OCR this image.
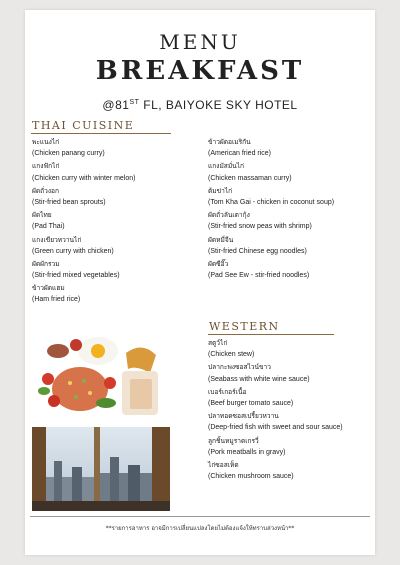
MENU
BREAKFAST
@81ST FL, BAIYOKE SKY HOTEL
THAI CUISINE
พะแนงไก่
(Chicken panang curry)
แกงฟักไก่
(Chicken curry with winter melon)
ผัดถั่วงอก
(Stir-fried bean sprouts)
ผัดไทย
(Pad Thai)
แกงเขียวหวานไก่
(Green curry with chicken)
ผัดผักรวม
(Stir-fried mixed vegetables)
ข้าวผัดแฮม
(Ham fried rice)
ข้าวผัดอเมริกัน
(American fried rice)
แกงมัสมั่นไก่
(Chicken massaman curry)
ต้มข่าไก่
(Tom Kha Gai - chicken in coconut soup)
ผัดถั่วลันเตากุ้ง
(Stir-fried snow peas with shrimp)
ผัดหมี่จีน
(Stir-fried Chinese egg noodles)
ผัดซีอิ๊ว
(Pad See Ew - stir-fried noodles)
WESTERN
สตูว์ไก่
(Chicken stew)
ปลากะพงซอสไวน์ขาว
(Seabass with white wine sauce)
เบอร์เกอร์เนื้อ
(Beef burger tomato sauce)
ปลาทอดซอสเปรี้ยวหวาน
(Deep-fried fish with sweet and sour sauce)
ลูกชิ้นหมูราดเกรวี่
(Pork meatballs in gravy)
ไก่ซอสเห็ด
(Chicken mushroom sauce)
**รายการอาหาร อาจมีการเปลี่ยนแปลงโดยไม่ต้องแจ้งให้ทราบล่วงหน้า**
